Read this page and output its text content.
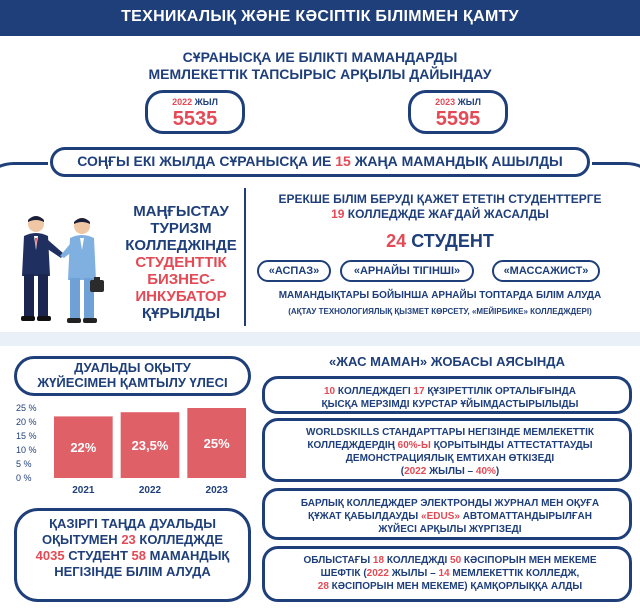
ТЕХНИКАЛЫҚ ЖӘНЕ КӘСІПТІК БІЛІММЕН ҚАМТУ
СҰРАНЫСҚА ИЕ БІЛІКТІ МАМАНДАРДЫ
МЕМЛЕКЕТТІК ТАПСЫРЫС АРҚЫЛЫ ДАЙЫНДАУ
2022 ЖЫЛ
5535
2023 ЖЫЛ
5595
СОҢҒЫ ЕКІ ЖЫЛДА СҰРАНЫСҚА ИЕ 15 ЖАҢА МАМАНДЫҚ АШЫЛДЫ
МАҢҒЫСТАУ
ТУРИЗМ
КОЛЛЕДЖІНДЕ
СТУДЕНТТІК
БИЗНЕС-
ИНКУБАТОР
ҚҰРЫЛДЫ
ЕРЕКШЕ БІЛІМ БЕРУДІ ҚАЖЕТ ЕТЕТІН СТУДЕНТТЕРГЕ
19 КОЛЛЕДЖДЕ ЖАҒДАЙ ЖАСАЛДЫ
24 СТУДЕНТ
«АСПАЗ»	«АРНАЙЫ ТІГІНШІ»	«МАССАЖИСТ»
МАМАНДЫҚТАРЫ БОЙЫНША АРНАЙЫ ТОПТАРДА БІЛІМ АЛУДА
(АҚТАУ ТЕХНОЛОГИЯЛЫҚ ҚЫЗМЕТ КӨРСЕТУ, «МЕЙІРБИКЕ» КОЛЛЕДЖДЕРІ)
ДУАЛЬДЫ ОҚЫТУ
ЖҮЙЕСІМЕН ҚАМТЫЛУ ҮЛЕСІ
0 %
5 %
10 %
15 %
20 %
25 %
22%
2021
23,5%
2022
25%
2023
ҚАЗІРГІ ТАҢДА ДУАЛЬДЫ
ОҚЫТУМЕН 23 КОЛЛЕДЖДЕ
4035 СТУДЕНТ 58 МАМАНДЫҚ
НЕГІЗІНДЕ БІЛІМ АЛУДА
«ЖАС МАМАН» ЖОБАСЫ АЯСЫНДА
10 КОЛЛЕДЖДЕГІ 17 ҚҰЗІРЕТТІЛІК ОРТАЛЫҒЫНДА
ҚЫСҚА МЕРЗІМДІ КУРСТАР ҰЙЫМДАСТЫРЫЛЫДЫ
WORLDSKILLS СТАНДАРТТАРЫ НЕГІЗІНДЕ МЕМЛЕКЕТТІК
КОЛЛЕДЖДЕРДІҢ 60%-Ы ҚОРЫТЫНДЫ АТТЕСТАТТАУДЫ
ДЕМОНСТРАЦИЯЛЫҚ ЕМТИХАН ӨТКІЗЕДІ
(2022 ЖЫЛЫ – 40%)
БАРЛЫҚ КОЛЛЕДЖДЕР ЭЛЕКТРОНДЫ ЖУРНАЛ МЕН ОҚУҒА
ҚҰЖАТ ҚАБЫЛДАУДЫ «EDUS» АВТОМАТТАНДЫРЫЛҒАН
ЖҮЙЕСІ АРҚЫЛЫ ЖҮРГІЗЕДІ
ОБЛЫСТАҒЫ 18 КОЛЛЕДЖДІ 50 КӘСІПОРЫН МЕН МЕКЕМЕ
ШЕФТІК (2022 ЖЫЛЫ – 14 МЕМЛЕКЕТТІК КОЛЛЕДЖ,
28 КӘСІПОРЫН МЕН МЕКЕМЕ) ҚАМҚОРЛЫҚҚА АЛДЫ
